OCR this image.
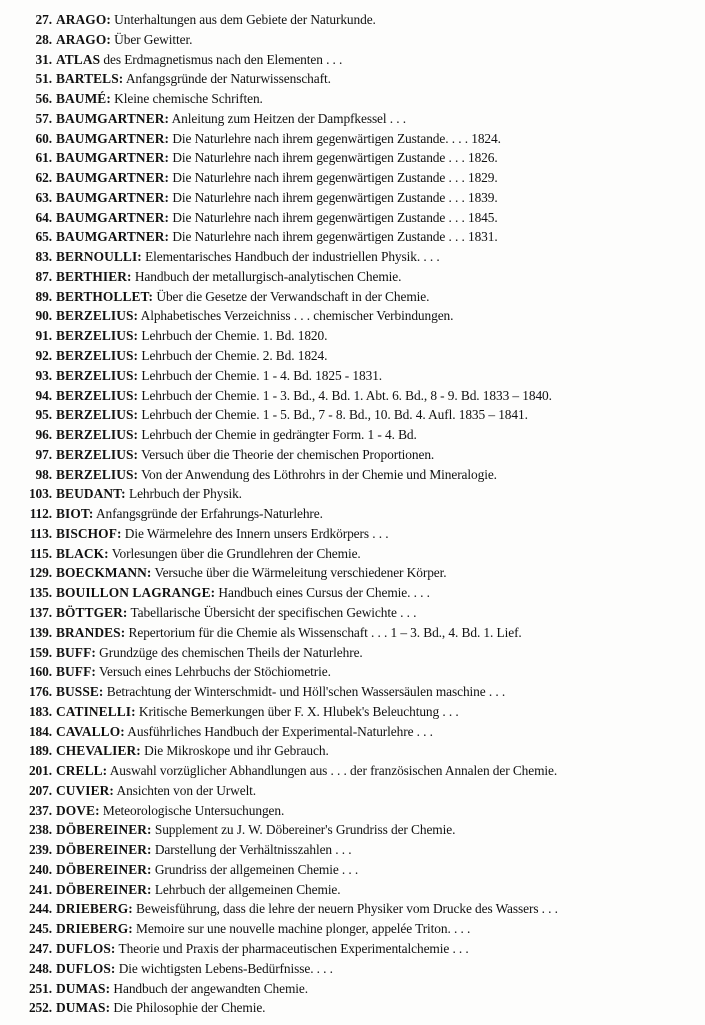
27. ARAGO: Unterhaltungen aus dem Gebiete der Naturkunde.
28. ARAGO: Über Gewitter.
31. ATLAS des Erdmagnetismus nach den Elementen . . .
51. BARTELS: Anfangsgründe der Naturwissenschaft.
56. BAUMÉ: Kleine chemische Schriften.
57. BAUMGARTNER: Anleitung zum Heitzen der Dampfkessel . . .
60. BAUMGARTNER: Die Naturlehre nach ihrem gegenwärtigen Zustande. . . . 1824.
61. BAUMGARTNER: Die Naturlehre nach ihrem gegenwärtigen Zustande . . . 1826.
62. BAUMGARTNER: Die Naturlehre nach ihrem gegenwärtigen Zustande . . . 1829.
63. BAUMGARTNER: Die Naturlehre nach ihrem gegenwärtigen Zustande . . . 1839.
64. BAUMGARTNER: Die Naturlehre nach ihrem gegenwärtigen Zustande . . . 1845.
65. BAUMGARTNER: Die Naturlehre nach ihrem gegenwärtigen Zustande . . . 1831.
83. BERNOULLI: Elementarisches Handbuch der industriellen Physik. . . .
87. BERTHIER: Handbuch der metallurgisch-analytischen Chemie.
89. BERTHOLLET: Über die Gesetze der Verwandschaft in der Chemie.
90. BERZELIUS: Alphabetisches Verzeichniss . . . chemischer Verbindungen.
91. BERZELIUS: Lehrbuch der Chemie. 1. Bd. 1820.
92. BERZELIUS: Lehrbuch der Chemie. 2. Bd. 1824.
93. BERZELIUS: Lehrbuch der Chemie. 1 - 4. Bd. 1825 - 1831.
94. BERZELIUS: Lehrbuch der Chemie. 1 - 3. Bd., 4. Bd. 1. Abt. 6. Bd., 8 - 9. Bd. 1833 – 1840.
95. BERZELIUS: Lehrbuch der Chemie. 1 - 5. Bd., 7 - 8. Bd., 10. Bd. 4. Aufl. 1835 – 1841.
96. BERZELIUS: Lehrbuch der Chemie in gedrängter Form. 1 - 4. Bd.
97. BERZELIUS: Versuch über die Theorie der chemischen Proportionen.
98. BERZELIUS: Von der Anwendung des Löthrohrs in der Chemie und Mineralogie.
103. BEUDANT: Lehrbuch der Physik.
112. BIOT: Anfangsgründe der Erfahrungs-Naturlehre.
113. BISCHOF: Die Wärmelehre des Innern unsers Erdkörpers . . .
115. BLACK: Vorlesungen über die Grundlehren der Chemie.
129. BOECKMANN: Versuche über die Wärmeleitung verschiedener Körper.
135. BOUILLON LAGRANGE: Handbuch eines Cursus der Chemie. . . .
137. BÖTTGER: Tabellarische Übersicht der specifischen Gewichte . . .
139. BRANDES: Repertorium für die Chemie als Wissenschaft . . . 1 – 3. Bd., 4. Bd. 1. Lief.
159. BUFF: Grundzüge des chemischen Theils der Naturlehre.
160. BUFF: Versuch eines Lehrbuchs der Stöchiometrie.
176. BUSSE: Betrachtung der Winterschmidt- und Höll'schen Wassersäulen maschine . . .
183. CATINELLI: Kritische Bemerkungen über F. X. Hlubek's Beleuchtung . . .
184. CAVALLO: Ausführliches Handbuch der Experimental-Naturlehre . . .
189. CHEVALIER: Die Mikroskope und ihr Gebrauch.
201. CRELL: Auswahl vorzüglicher Abhandlungen aus . . . der französischen Annalen der Chemie.
207. CUVIER: Ansichten von der Urwelt.
237. DOVE: Meteorologische Untersuchungen.
238. DÖBEREINER: Supplement zu J. W. Döbereiner's Grundriss der Chemie.
239. DÖBEREINER: Darstellung der Verhältnisszahlen . . .
240. DÖBEREINER: Grundriss der allgemeinen Chemie . . .
241. DÖBEREINER: Lehrbuch der allgemeinen Chemie.
244. DRIEBERG: Beweisführung, dass die lehre der neuern Physiker vom Drucke des Wassers . . .
245. DRIEBERG: Memoire sur une nouvelle machine plonger, appelée Triton. . . .
247. DUFLOS: Theorie und Praxis der pharmaceutischen Experimentalchemie . . .
248. DUFLOS: Die wichtigsten Lebens-Bedürfnisse. . . .
251. DUMAS: Handbuch der angewandten Chemie.
252. DUMAS: Die Philosophie der Chemie.
